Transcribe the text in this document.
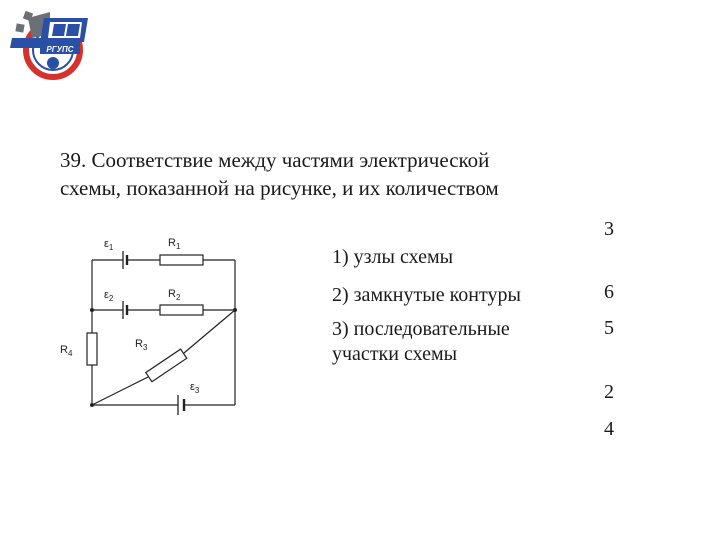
РГУПС
39. Соответствие между частями электрической
схемы, показанной на рисунке, и их количеством
$\varepsilon_1$	$R_1$
$\varepsilon_2$	$R_2$
$R_4$
$R_3$
$\varepsilon_3$

1) узлы схемы

2) замкнутые контуры

3) последовательные
участки схемы

3
6
5
2
4
